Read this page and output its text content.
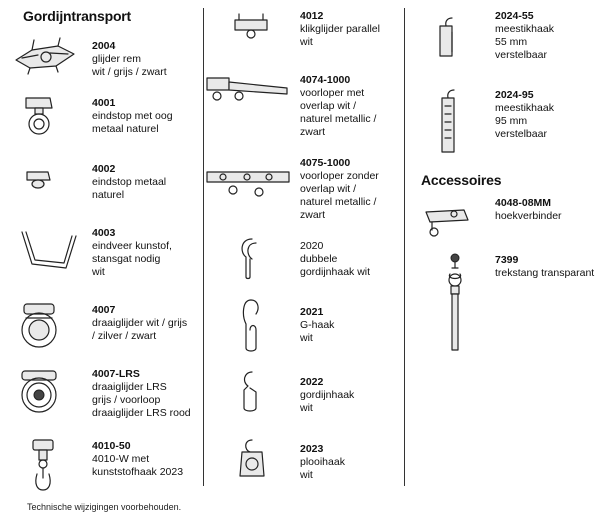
Gordijntransport
Accessoires
2004
glijder rem
wit / grijs / zwart
4001
eindstop met oog
metaal naturel
4002
eindstop metaal
naturel
4003
eindveer kunstof,
stansgat nodig
wit
4007
draaiglijder wit / grijs
/ zilver / zwart
4007-LRS
draaiglijder LRS
grijs / voorloop
draaiglijder LRS rood
4010-50
4010-W met
kunststofhaak 2023
4012
klikglijder parallel
wit
4074-1000
voorloper met
overlap wit /
naturel metallic /
zwart
4075-1000
voorloper zonder
overlap wit /
naturel metallic /
zwart
2020
dubbele
gordijnhaak wit
2021
G-haak
wit
2022
gordijnhaak
wit
2023
plooihaak
wit
2024-55
meestikhaak
55 mm
verstelbaar
2024-95
meestikhaak
95 mm
verstelbaar
4048-08MM
hoekverbinder
7399
trekstang transparant
Technische wijzigingen voorbehouden.
